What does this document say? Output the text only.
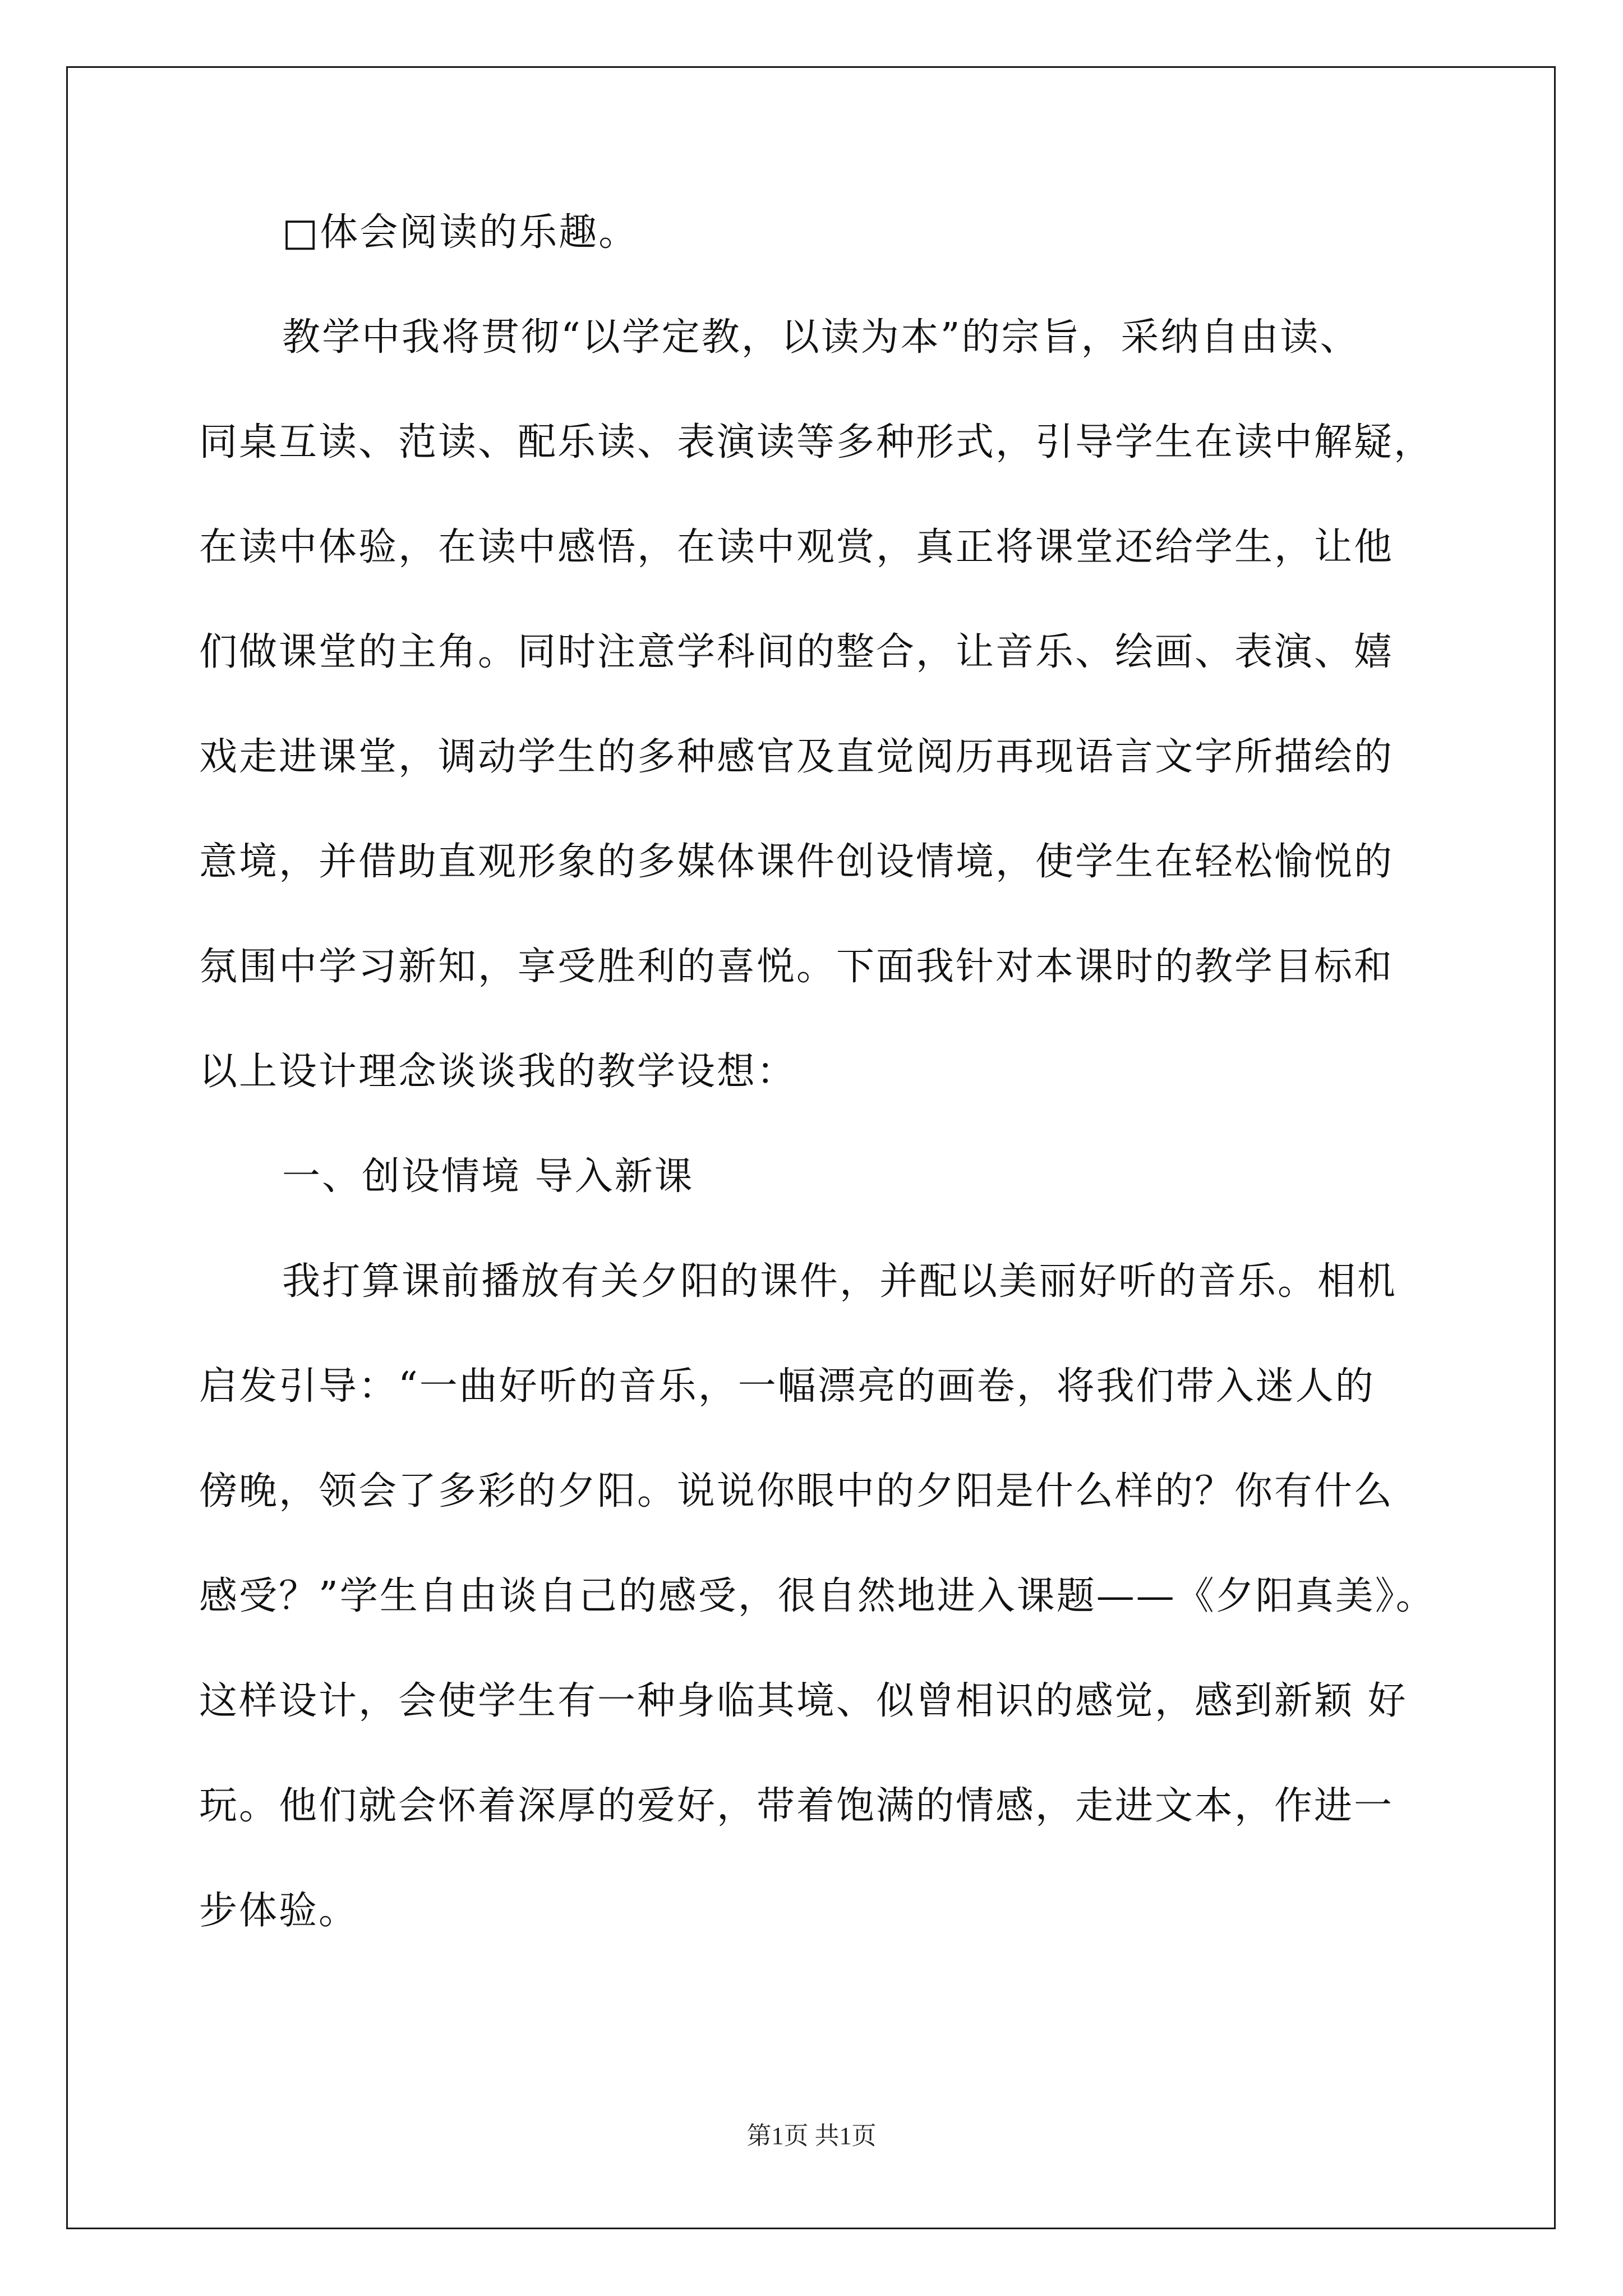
□体会阅读的乐趣。
教学中我将贯彻“以学定教，以读为本”的宗旨，采纳自由读、
同桌互读、范读、配乐读、表演读等多种形式，引导学生在读中解疑，
在读中体验，在读中感悟，在读中观赏，真正将课堂还给学生，让他
们做课堂的主角。同时注意学科间的整合，让音乐、绘画、表演、嬉
戏走进课堂，调动学生的多种感官及直觉阅历再现语言文字所描绘的
意境，并借助直观形象的多媒体课件创设情境，使学生在轻松愉悦的
氛围中学习新知，享受胜利的喜悦。下面我针对本课时的教学目标和
以上设计理念谈谈我的教学设想：
一、创设情境 导入新课
我打算课前播放有关夕阳的课件，并配以美丽好听的音乐。相机
启发引导：“一曲好听的音乐，一幅漂亮的画卷，将我们带入迷人的
傍晚，领会了多彩的夕阳。说说你眼中的夕阳是什么样的？你有什么
感受？”学生自由谈自己的感受，很自然地进入课题——《夕阳真美》。
这样设计，会使学生有一种身临其境、似曾相识的感觉，感到新颖 好
玩。他们就会怀着深厚的爱好，带着饱满的情感，走进文本，作进一
步体验。
第1页 共1页
